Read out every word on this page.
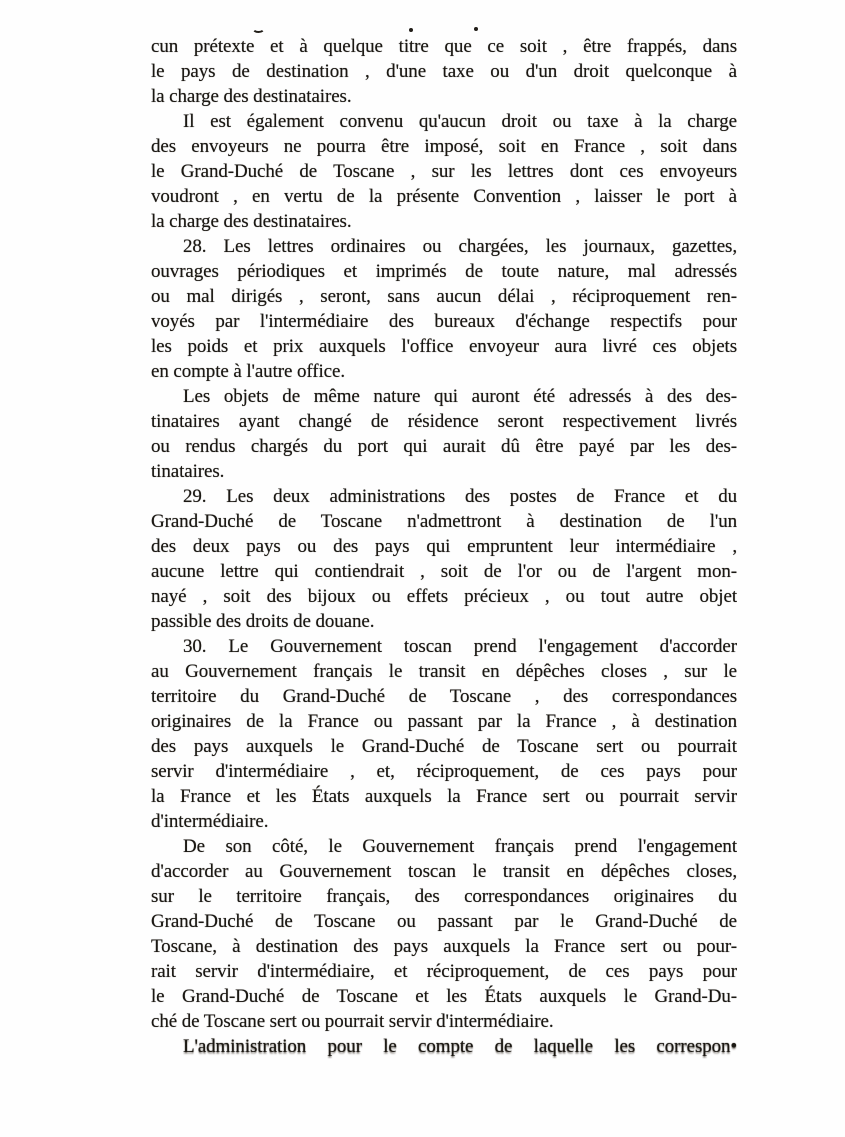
cun prétexte et à quelque titre que ce soit , être frappés, dans
le pays de destination , d'une taxe ou d'un droit quelconque à
la charge des destinataires.

Il est également convenu qu'aucun droit ou taxe à la charge
des envoyeurs ne pourra être imposé, soit en France , soit dans
le Grand-Duché de Toscane , sur les lettres dont ces envoyeurs
voudront , en vertu de la présente Convention , laisser le port à
la charge des destinataires.

28. Les lettres ordinaires ou chargées, les journaux, gazettes,
ouvrages périodiques et imprimés de toute nature, mal adressés
ou mal dirigés , seront, sans aucun délai , réciproquement ren-
voyés par l'intermédiaire des bureaux d'échange respectifs pour
les poids et prix auxquels l'office envoyeur aura livré ces objets
en compte à l'autre office.

Les objets de même nature qui auront été adressés à des des-
tinataires ayant changé de résidence seront respectivement livrés
ou rendus chargés du port qui aurait dû être payé par les des-
tinataires.

29. Les deux administrations des postes de France et du
Grand-Duché de Toscane n'admettront à destination de l'un
des deux pays ou des pays qui empruntent leur intermédiaire ,
aucune lettre qui contiendrait , soit de l'or ou de l'argent mon-
nayé , soit des bijoux ou effets précieux , ou tout autre objet
passible des droits de douane.

30. Le Gouvernement toscan prend l'engagement d'accorder
au Gouvernement français le transit en dépêches closes , sur le
territoire du Grand-Duché de Toscane , des correspondances
originaires de la France ou passant par la France , à destination
des pays auxquels le Grand-Duché de Toscane sert ou pourrait
servir d'intermédiaire , et, réciproquement, de ces pays pour
la France et les États auxquels la France sert ou pourrait servir
d'intermédiaire.

De son côté, le Gouvernement français prend l'engagement
d'accorder au Gouvernement toscan le transit en dépêches closes,
sur le territoire français, des correspondances originaires du
Grand-Duché de Toscane ou passant par le Grand-Duché de
Toscane, à destination des pays auxquels la France sert ou pour-
rait servir d'intermédiaire, et réciproquement, de ces pays pour
le Grand-Duché de Toscane et les États auxquels le Grand-Du-
ché de Toscane sert ou pourrait servir d'intermédiaire.

L'administration pour le compte de laquelle les correspon•
